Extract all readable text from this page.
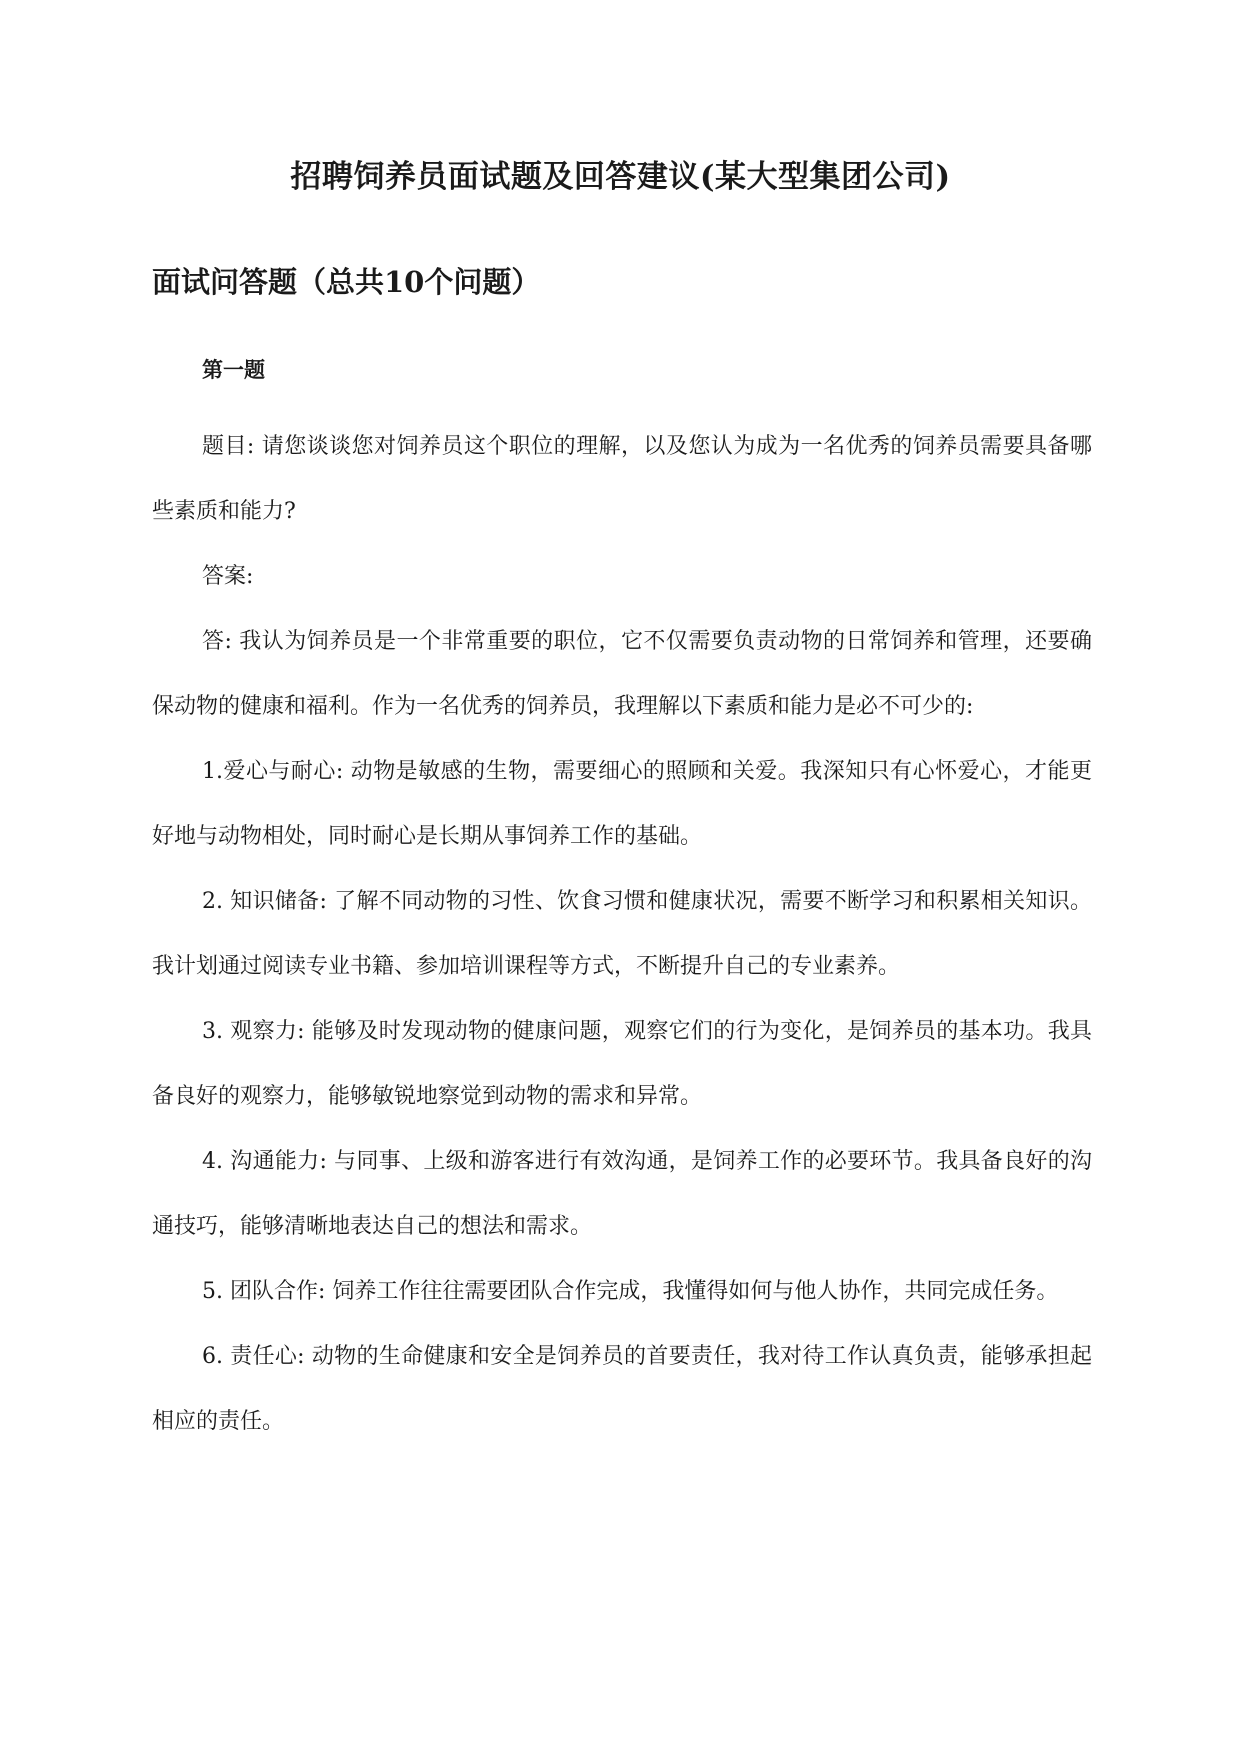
招聘饲养员面试题及回答建议(某大型集团公司)
面试问答题（总共10个问题）

第一题

题目: 请您谈谈您对饲养员这个职位的理解，以及您认为成为一名优秀的饲养员需要具备哪些素质和能力?

答案:

答: 我认为饲养员是一个非常重要的职位，它不仅需要负责动物的日常饲养和管理，还要确保动物的健康和福利。作为一名优秀的饲养员，我理解以下素质和能力是必不可少的:

1.爱心与耐心: 动物是敏感的生物，需要细心的照顾和关爱。我深知只有心怀爱心，才能更好地与动物相处，同时耐心是长期从事饲养工作的基础。

2. 知识储备: 了解不同动物的习性、饮食习惯和健康状况，需要不断学习和积累相关知识。我计划通过阅读专业书籍、参加培训课程等方式，不断提升自己的专业素养。

3. 观察力: 能够及时发现动物的健康问题，观察它们的行为变化，是饲养员的基本功。我具备良好的观察力，能够敏锐地察觉到动物的需求和异常。

4. 沟通能力: 与同事、上级和游客进行有效沟通，是饲养工作的必要环节。我具备良好的沟通技巧，能够清晰地表达自己的想法和需求。

5. 团队合作: 饲养工作往往需要团队合作完成，我懂得如何与他人协作，共同完成任务。

6. 责任心: 动物的生命健康和安全是饲养员的首要责任，我对待工作认真负责，能够承担起相应的责任。
